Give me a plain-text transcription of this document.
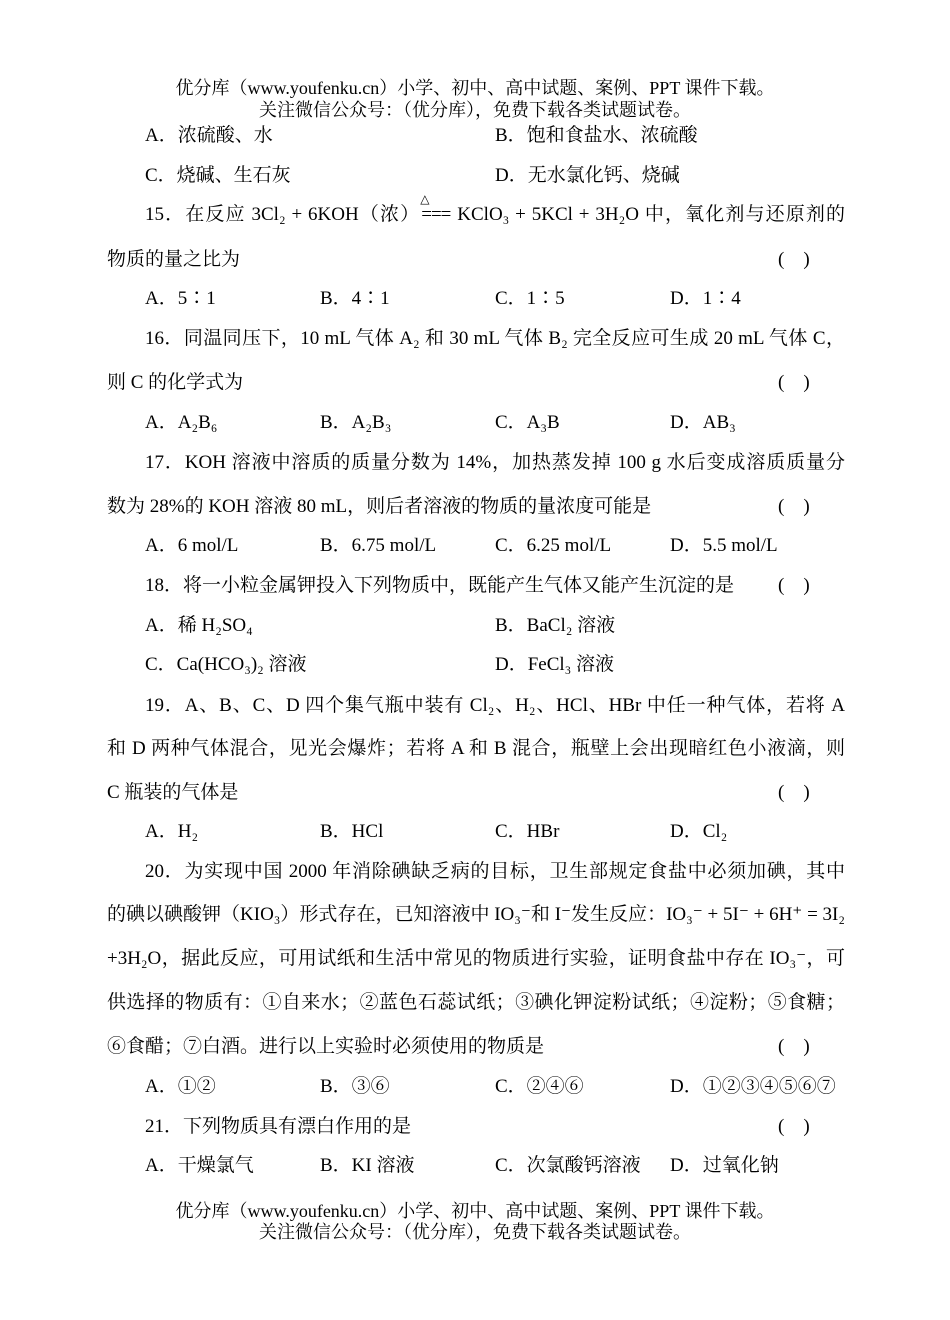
优分库（www.youfenku.cn）小学、初中、高中试题、案例、PPT 课件下载。
关注微信公众号：（优分库），免费下载各类试题试卷。
A．浓硫酸、水	B．饱和食盐水、浓硫酸
C．烧碱、生石灰	D．无水氯化钙、烧碱
15．在反应 3Cl₂ + 6KOH（浓）
△
=== KClO₃ + 5KCl + 3H₂O 中，氧化剂与还原剂的
物质的量之比为	(    )
A．5∶1	B．4∶1	C．1∶5	D．1∶4
16．同温同压下，10 mL 气体 A₂ 和 30 mL 气体 B₂ 完全反应可生成 20 mL 气体 C，
则 C 的化学式为	(    )
A．A₂B₆	B．A₂B₃	C．A₃B	D．AB₃
17．KOH 溶液中溶质的质量分数为 14%，加热蒸发掉 100 g 水后变成溶质质量分
数为 28%的 KOH 溶液 80 mL，则后者溶液的物质的量浓度可能是	(    )
A．6 mol/L	B．6.75 mol/L	C．6.25 mol/L	D．5.5 mol/L
18．将一小粒金属钾投入下列物质中，既能产生气体又能产生沉淀的是 (    )
A．稀 H₂SO₄	B．BaCl₂ 溶液
C．Ca(HCO₃)₂ 溶液	D．FeCl₃ 溶液
19．A、B、C、D 四个集气瓶中装有 Cl₂、H₂、HCl、HBr 中任一种气体，若将 A
和 D 两种气体混合，见光会爆炸；若将 A 和 B 混合，瓶壁上会出现暗红色小液滴，则
C 瓶装的气体是	(    )
A．H₂	B．HCl	C．HBr	D．Cl₂
20．为实现中国 2000 年消除碘缺乏病的目标，卫生部规定食盐中必须加碘，其中
的碘以碘酸钾（KIO₃）形式存在，已知溶液中 IO₃⁻和 I⁻发生反应：IO₃⁻ + 5I⁻ + 6H⁺ = 3I₂
+3H₂O，据此反应，可用试纸和生活中常见的物质进行实验，证明食盐中存在 IO₃⁻，可
供选择的物质有：①自来水；②蓝色石蕊试纸；③碘化钾淀粉试纸；④淀粉；⑤食糖；
⑥食醋；⑦白酒。进行以上实验时必须使用的物质是	(    )
A．①②	B．③⑥	C．②④⑥	D．①②③④⑤⑥⑦
21．下列物质具有漂白作用的是	(    )
A．干燥氯气	B．KI 溶液	C．次氯酸钙溶液 D．过氧化钠
优分库（www.youfenku.cn）小学、初中、高中试题、案例、PPT 课件下载。
关注微信公众号：（优分库），免费下载各类试题试卷。
